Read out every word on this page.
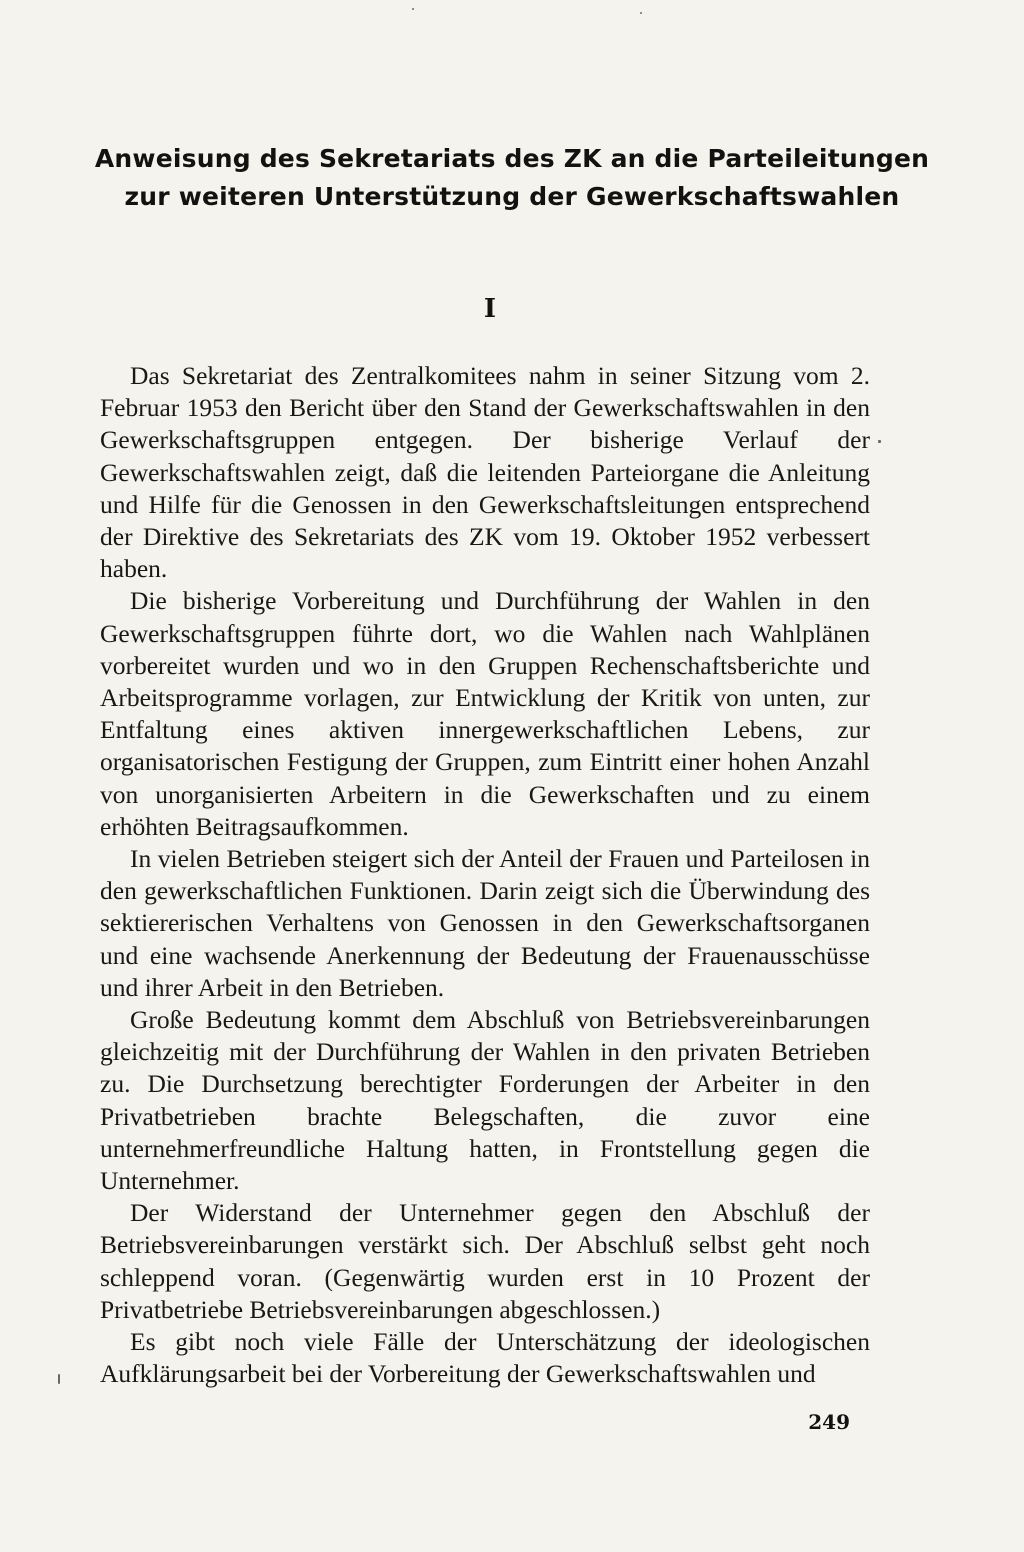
Anweisung des Sekretariats des ZK an die Parteileitungen
zur weiteren Unterstützung der Gewerkschaftswahlen
I

Das Sekretariat des Zentralkomitees nahm in seiner Sitzung vom 2. Februar 1953 den Bericht über den Stand der Gewerkschaftswahlen in den Gewerkschaftsgruppen entgegen. Der bisherige Verlauf der Gewerkschaftswahlen zeigt, daß die leitenden Parteiorgane die Anleitung und Hilfe für die Genossen in den Gewerkschaftsleitungen entsprechend der Direktive des Sekretariats des ZK vom 19. Oktober 1952 verbessert haben.

Die bisherige Vorbereitung und Durchführung der Wahlen in den Gewerkschaftsgruppen führte dort, wo die Wahlen nach Wahlplänen vorbereitet wurden und wo in den Gruppen Rechenschaftsberichte und Arbeitsprogramme vorlagen, zur Entwicklung der Kritik von unten, zur Entfaltung eines aktiven innergewerkschaftlichen Lebens, zur organisatorischen Festigung der Gruppen, zum Eintritt einer hohen Anzahl von unorganisierten Arbeitern in die Gewerkschaften und zu einem erhöhten Beitragsaufkommen.

In vielen Betrieben steigert sich der Anteil der Frauen und Parteilosen in den gewerkschaftlichen Funktionen. Darin zeigt sich die Überwindung des sektiererischen Verhaltens von Genossen in den Gewerkschaftsorganen und eine wachsende Anerkennung der Bedeutung der Frauenausschüsse und ihrer Arbeit in den Betrieben.

Große Bedeutung kommt dem Abschluß von Betriebsvereinbarungen gleichzeitig mit der Durchführung der Wahlen in den privaten Betrieben zu. Die Durchsetzung berechtigter Forderungen der Arbeiter in den Privatbetrieben brachte Belegschaften, die zuvor eine unternehmerfreundliche Haltung hatten, in Frontstellung gegen die Unternehmer.

Der Widerstand der Unternehmer gegen den Abschluß der Betriebsvereinbarungen verstärkt sich. Der Abschluß selbst geht noch schleppend voran. (Gegenwärtig wurden erst in 10 Prozent der Privatbetriebe Betriebsvereinbarungen abgeschlossen.)

Es gibt noch viele Fälle der Unterschätzung der ideologischen Aufklärungsarbeit bei der Vorbereitung der Gewerkschaftswahlen und

249
